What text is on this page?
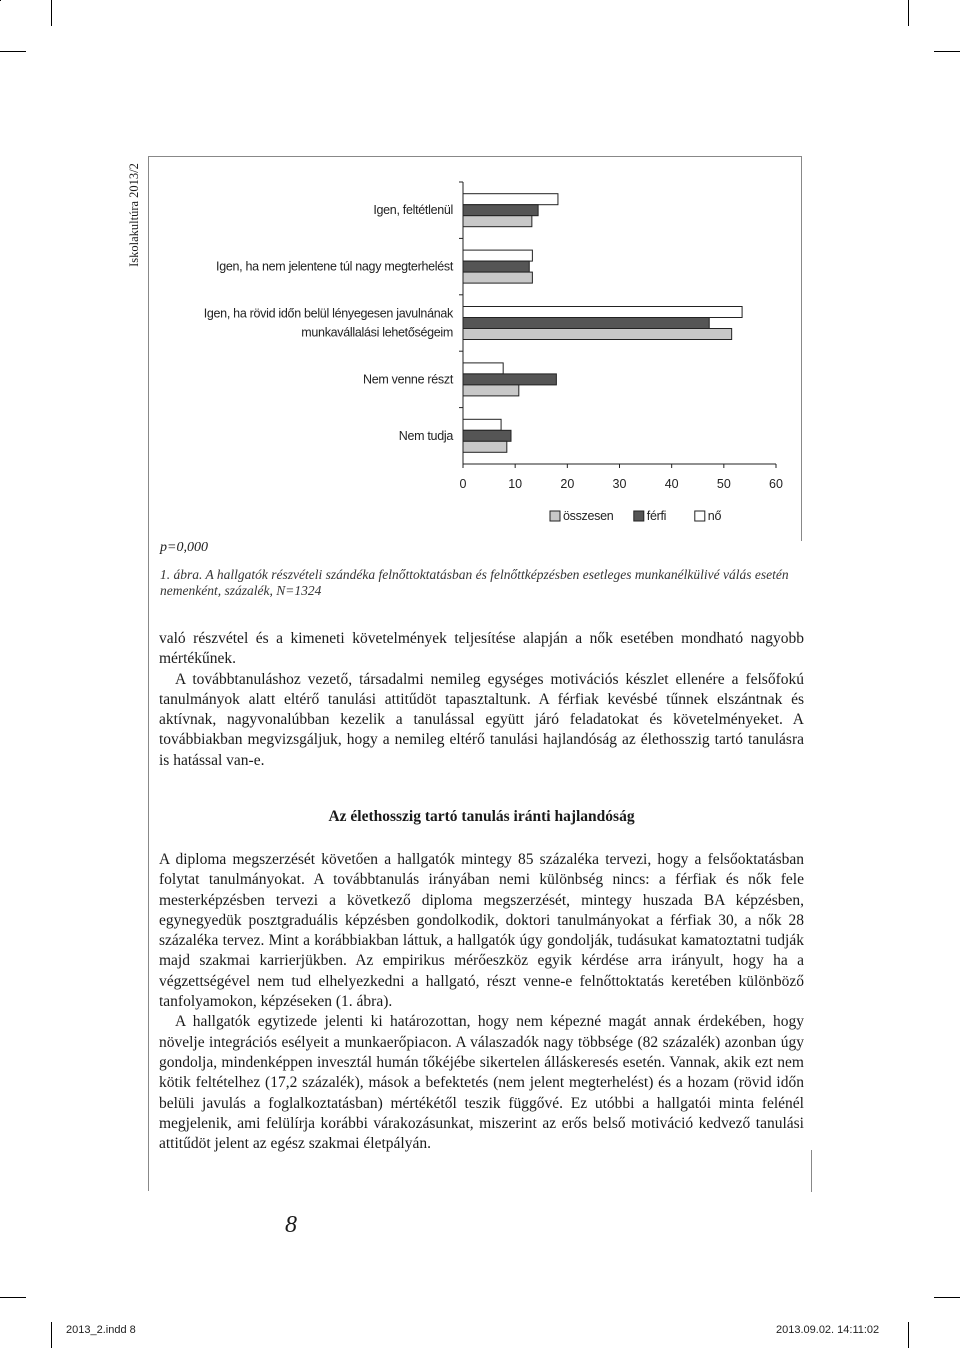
Iskolakultúra 2013/2
0	10	20	30	40	50	60
Igen, feltétlenül
Igen, ha nem jelentene túl nagy megterhelést
Igen, ha rövid időn belül lényegesen javulnának
munkavállalási lehetőségeim
Nem venne részt
Nem tudja
összesen	férfi	nő
p=0,000
1. ábra. A hallgatók részvételi szándéka felnőttoktatásban és felnőttképzésben esetleges munkanélkülivé válás esetén nemenként, százalék, N=1324

való részvétel és a kimeneti követelmények teljesítése alapján a nők esetében mondható nagyobb mértékűnek.

A továbbtanuláshoz vezető, társadalmi nemileg egységes motivációs készlet ellenére a felsőfokú tanulmányok alatt eltérő tanulási attitűdöt tapasztaltunk. A férfiak kevésbé tűnnek elszántnak és aktívnak, nagyvonalúbban kezelik a tanulással együtt járó feladatokat és követelményeket. A továbbiakban megvizsgáljuk, hogy a nemileg eltérő tanulási hajlandóság az élethosszig tartó tanulásra is hatással van-e.

Az élethosszig tartó tanulás iránti hajlandóság

A diploma megszerzését követően a hallgatók mintegy 85 százaléka tervezi, hogy a felsőoktatásban folytat tanulmányokat. A továbbtanulás irányában nemi különbség nincs: a férfiak és nők fele mesterképzésben tervezi a következő diploma megszerzését, mintegy huszada BA képzésben, egynegyedük posztgraduális képzésben gondolkodik, doktori tanulmányokat a férfiak 30, a nők 28 százaléka tervez. Mint a korábbiakban láttuk, a hallgatók úgy gondolják, tudásukat kamatoztatni tudják majd szakmai karrierjükben. Az empirikus mérőeszköz egyik kérdése arra irányult, hogy ha a végzettségével nem tud elhelyezkedni a hallgató, részt venne-e felnőttoktatás keretében különböző tanfolyamokon, képzéseken (1. ábra).

A hallgatók egytizede jelenti ki határozottan, hogy nem képezné magát annak érdekében, hogy növelje integrációs esélyeit a munkaerőpiacon. A válaszadók nagy többsége (82 százalék) azonban úgy gondolja, mindenképpen invesztál humán tőkéjébe sikertelen álláskeresés esetén. Vannak, akik ezt nem kötik feltételhez (17,2 százalék), mások a befektetés (nem jelent megterhelést) és a hozam (rövid időn belüli javulás a foglalkoztatásban) mértékétől teszik függővé. Ez utóbbi a hallgatói minta felénél megjelenik, ami felülírja korábbi várakozásunkat, miszerint az erős belső motiváció kedvező tanulási attitűdöt jelent az egész szakmai életpályán.

8
2013_2.indd 8	2013.09.02. 14:11:02
